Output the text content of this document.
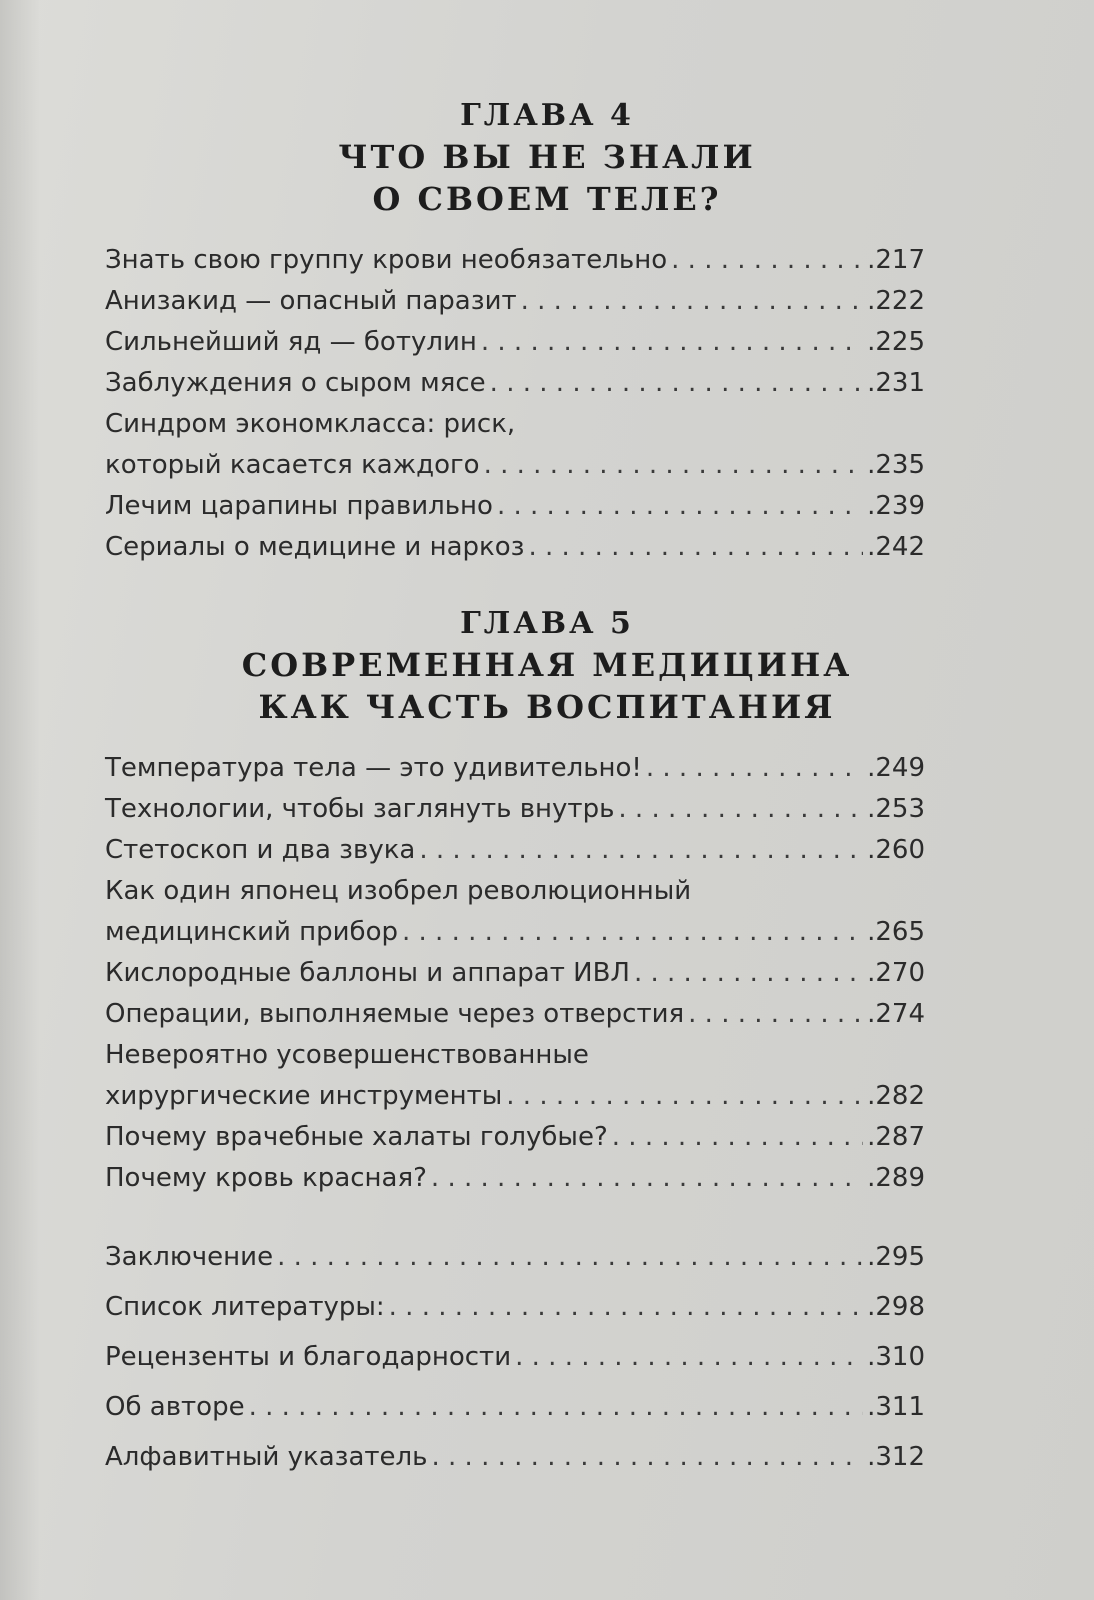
ГЛАВА 4
ЧТО ВЫ НЕ ЗНАЛИ
О СВОЕМ ТЕЛЕ?
Знать свою группу крови необязательно . . .	.217
Анизакид — опасный паразит . . .	.222
Сильнейший яд — ботулин . . .	.225
Заблуждения о сыром мясе . . .	.231
Синдром экономкласса: риск,
который касается каждого . . .	.235
Лечим царапины правильно . . .	.239
Сериалы о медицине и наркоз . . .	.242
ГЛАВА 5
СОВРЕМЕННАЯ МЕДИЦИНА
КАК ЧАСТЬ ВОСПИТАНИЯ
Температура тела — это удивительно! . . .	.249
Технологии, чтобы заглянуть внутрь . . .	.253
Стетоскоп и два звука . . .	.260
Как один японец изобрел революционный
медицинский прибор . . .	.265
Кислородные баллоны и аппарат ИВЛ . . .	.270
Операции, выполняемые через отверстия . . .	.274
Невероятно усовершенствованные
хирургические инструменты . . .	.282
Почему врачебные халаты голубые? . . .	.287
Почему кровь красная? . . .	.289
Заключение . . .	.295
Список литературы: . . .	.298
Рецензенты и благодарности . . .	.310
Об авторе . . .	.311
Алфавитный указатель . . .	.312
